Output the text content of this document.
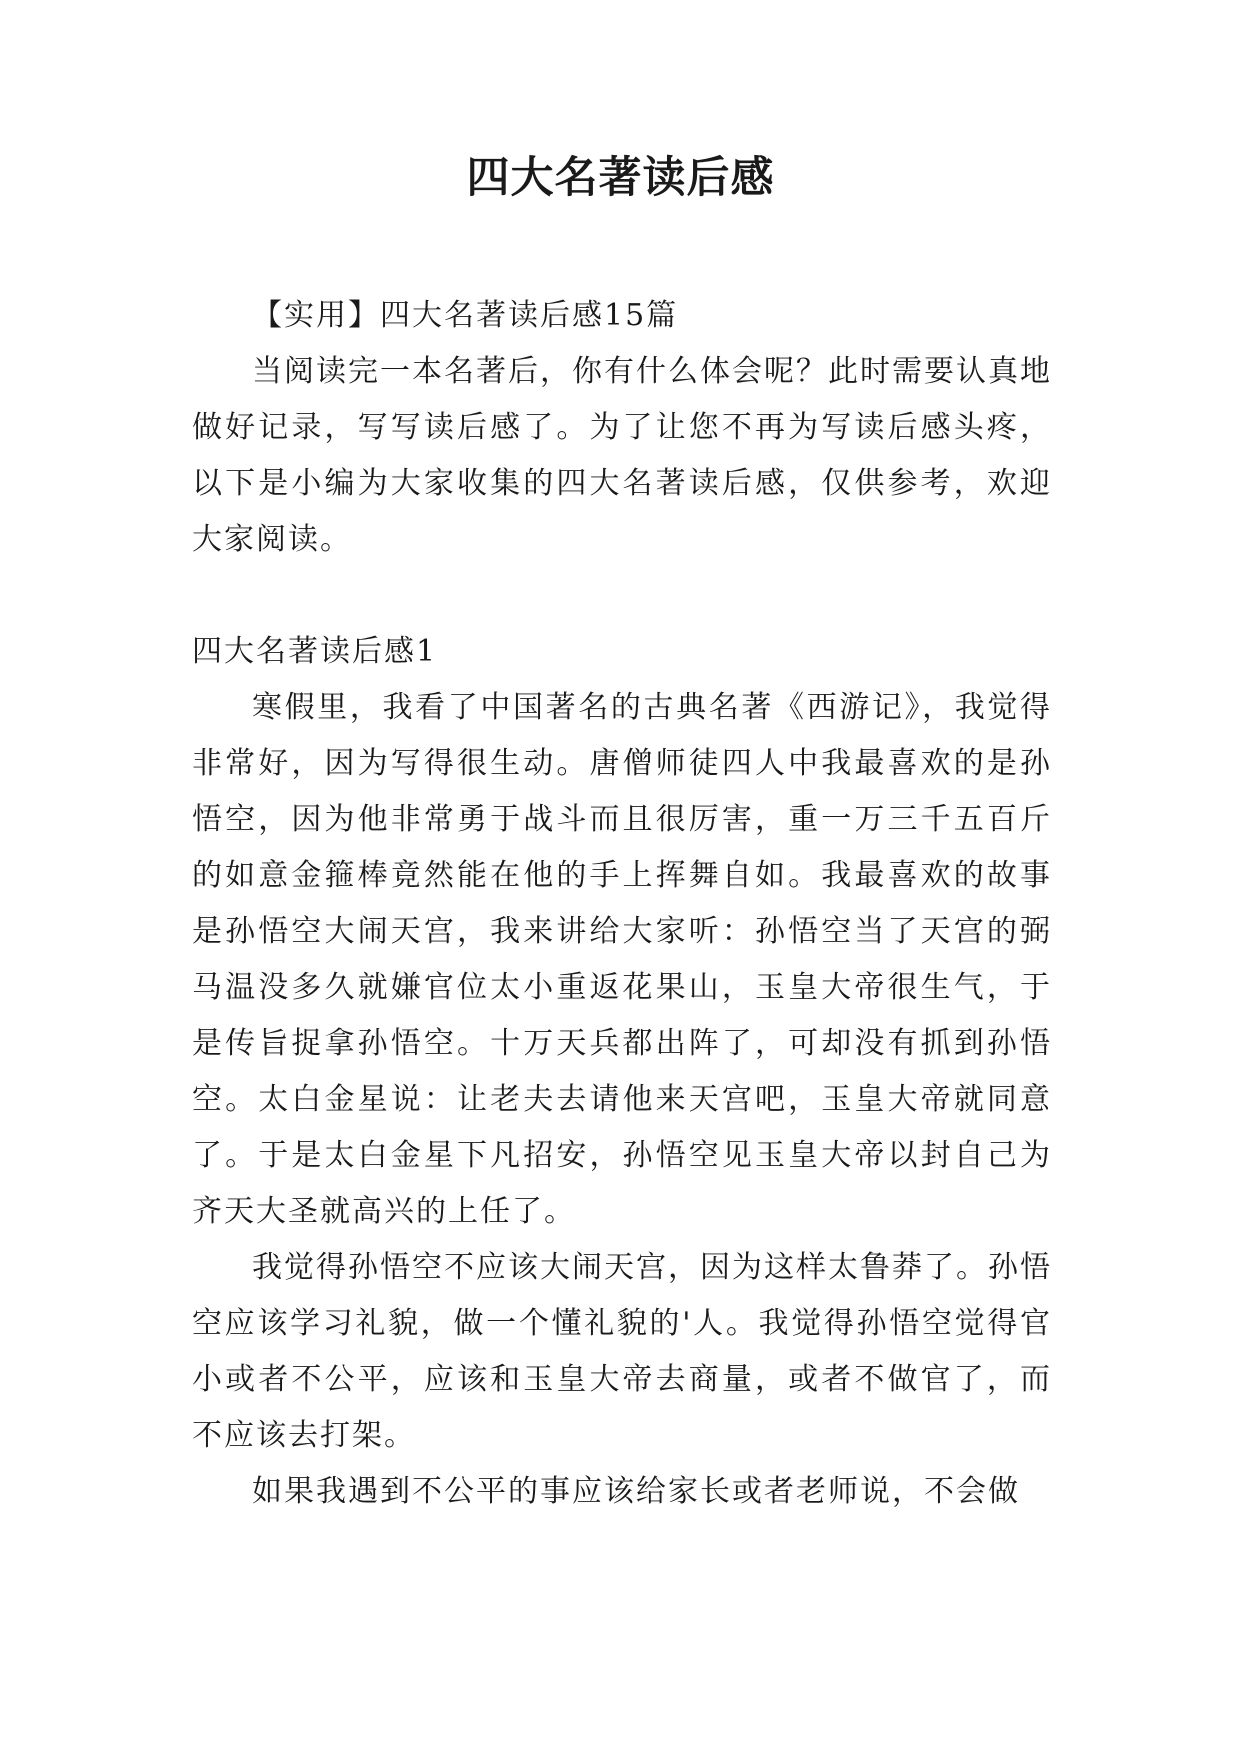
四大名著读后感

【实用】四大名著读后感15篇

当阅读完一本名著后，你有什么体会呢？此时需要认真地做好记录，写写读后感了。为了让您不再为写读后感头疼，以下是小编为大家收集的四大名著读后感，仅供参考，欢迎大家阅读。

四大名著读后感1

寒假里，我看了中国著名的古典名著《西游记》，我觉得非常好，因为写得很生动。唐僧师徒四人中我最喜欢的是孙悟空，因为他非常勇于战斗而且很厉害，重一万三千五百斤的如意金箍棒竟然能在他的手上挥舞自如。我最喜欢的故事是孙悟空大闹天宫，我来讲给大家听：孙悟空当了天宫的弼马温没多久就嫌官位太小重返花果山，玉皇大帝很生气，于是传旨捉拿孙悟空。十万天兵都出阵了，可却没有抓到孙悟空。太白金星说：让老夫去请他来天宫吧，玉皇大帝就同意了。于是太白金星下凡招安，孙悟空见玉皇大帝以封自己为齐天大圣就高兴的上任了。

我觉得孙悟空不应该大闹天宫，因为这样太鲁莽了。孙悟空应该学习礼貌，做一个懂礼貌的'人。我觉得孙悟空觉得官小或者不公平，应该和玉皇大帝去商量，或者不做官了，而不应该去打架。

如果我遇到不公平的事应该给家长或者老师说，不会做
